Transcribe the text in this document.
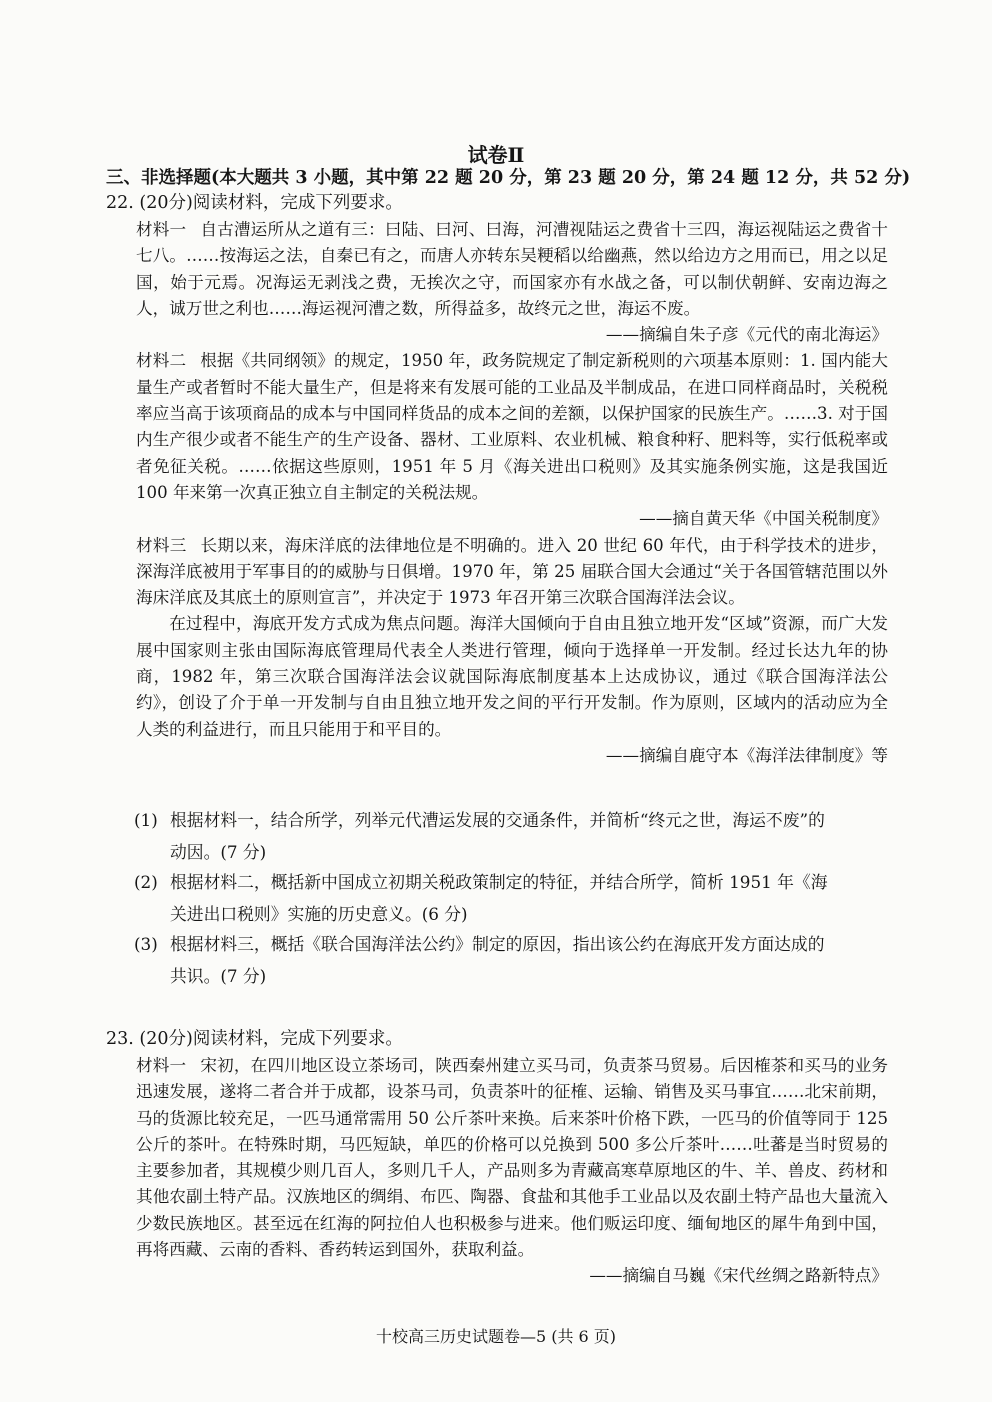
试卷Ⅱ
三、非选择题(本大题共 3 小题，其中第 22 题 20 分，第 23 题 20 分，第 24 题 12 分，共 52 分)
22. (20分)阅读材料，完成下列要求。

材料一 自古漕运所从之道有三：曰陆、曰河、曰海，河漕视陆运之费省十三四，海运视陆运之费省十七八。……按海运之法，自秦已有之，而唐人亦转东吴粳稻以给幽燕，然以给边方之用而已，用之以足国，始于元焉。况海运无剥浅之费，无挨次之守，而国家亦有水战之备，可以制伏朝鲜、安南边海之人，诚万世之利也……海运视河漕之数，所得益多，故终元之世，海运不废。

——摘编自朱子彦《元代的南北海运》

材料二 根据《共同纲领》的规定，1950 年，政务院规定了制定新税则的六项基本原则：1. 国内能大量生产或者暂时不能大量生产，但是将来有发展可能的工业品及半制成品，在进口同样商品时，关税税率应当高于该项商品的成本与中国同样货品的成本之间的差额，以保护国家的民族生产。……3. 对于国内生产很少或者不能生产的生产设备、器材、工业原料、农业机械、粮食种籽、肥料等，实行低税率或者免征关税。……依据这些原则，1951 年 5 月《海关进出口税则》及其实施条例实施，这是我国近 100 年来第一次真正独立自主制定的关税法规。

——摘自黄天华《中国关税制度》

材料三 长期以来，海床洋底的法律地位是不明确的。进入 20 世纪 60 年代，由于科学技术的进步，深海洋底被用于军事目的的威胁与日俱增。1970 年，第 25 届联合国大会通过“关于各国管辖范围以外海床洋底及其底土的原则宣言”，并决定于 1973 年召开第三次联合国海洋法会议。

在过程中，海底开发方式成为焦点问题。海洋大国倾向于自由且独立地开发“区域”资源，而广大发展中国家则主张由国际海底管理局代表全人类进行管理，倾向于选择单一开发制。经过长达九年的协商，1982 年，第三次联合国海洋法会议就国际海底制度基本上达成协议，通过《联合国海洋法公约》，创设了介于单一开发制与自由且独立地开发之间的平行开发制。作为原则，区域内的活动应为全人类的利益进行，而且只能用于和平目的。

——摘编自鹿守本《海洋法律制度》等

(1) 根据材料一，结合所学，列举元代漕运发展的交通条件，并简析“终元之世，海运不废”的
动因。(7 分)
(2) 根据材料二，概括新中国成立初期关税政策制定的特征，并结合所学，简析 1951 年《海
关进出口税则》实施的历史意义。(6 分)
(3) 根据材料三，概括《联合国海洋法公约》制定的原因，指出该公约在海底开发方面达成的
共识。(7 分)
23. (20分)阅读材料，完成下列要求。

材料一 宋初，在四川地区设立茶场司，陕西秦州建立买马司，负责茶马贸易。后因榷茶和买马的业务迅速发展，遂将二者合并于成都，设茶马司，负责茶叶的征榷、运输、销售及买马事宜……北宋前期，马的货源比较充足，一匹马通常需用 50 公斤茶叶来换。后来茶叶价格下跌，一匹马的价值等同于 125 公斤的茶叶。在特殊时期，马匹短缺，单匹的价格可以兑换到 500 多公斤茶叶……吐蕃是当时贸易的主要参加者，其规模少则几百人，多则几千人，产品则多为青藏高寒草原地区的牛、羊、兽皮、药材和其他农副土特产品。汉族地区的绸绢、布匹、陶器、食盐和其他手工业品以及农副土特产品也大量流入少数民族地区。甚至远在红海的阿拉伯人也积极参与进来。他们贩运印度、缅甸地区的犀牛角到中国，再将西藏、云南的香料、香药转运到国外，获取利益。

——摘编自马巍《宋代丝绸之路新特点》

十校高三历史试题卷—5 (共 6 页)
